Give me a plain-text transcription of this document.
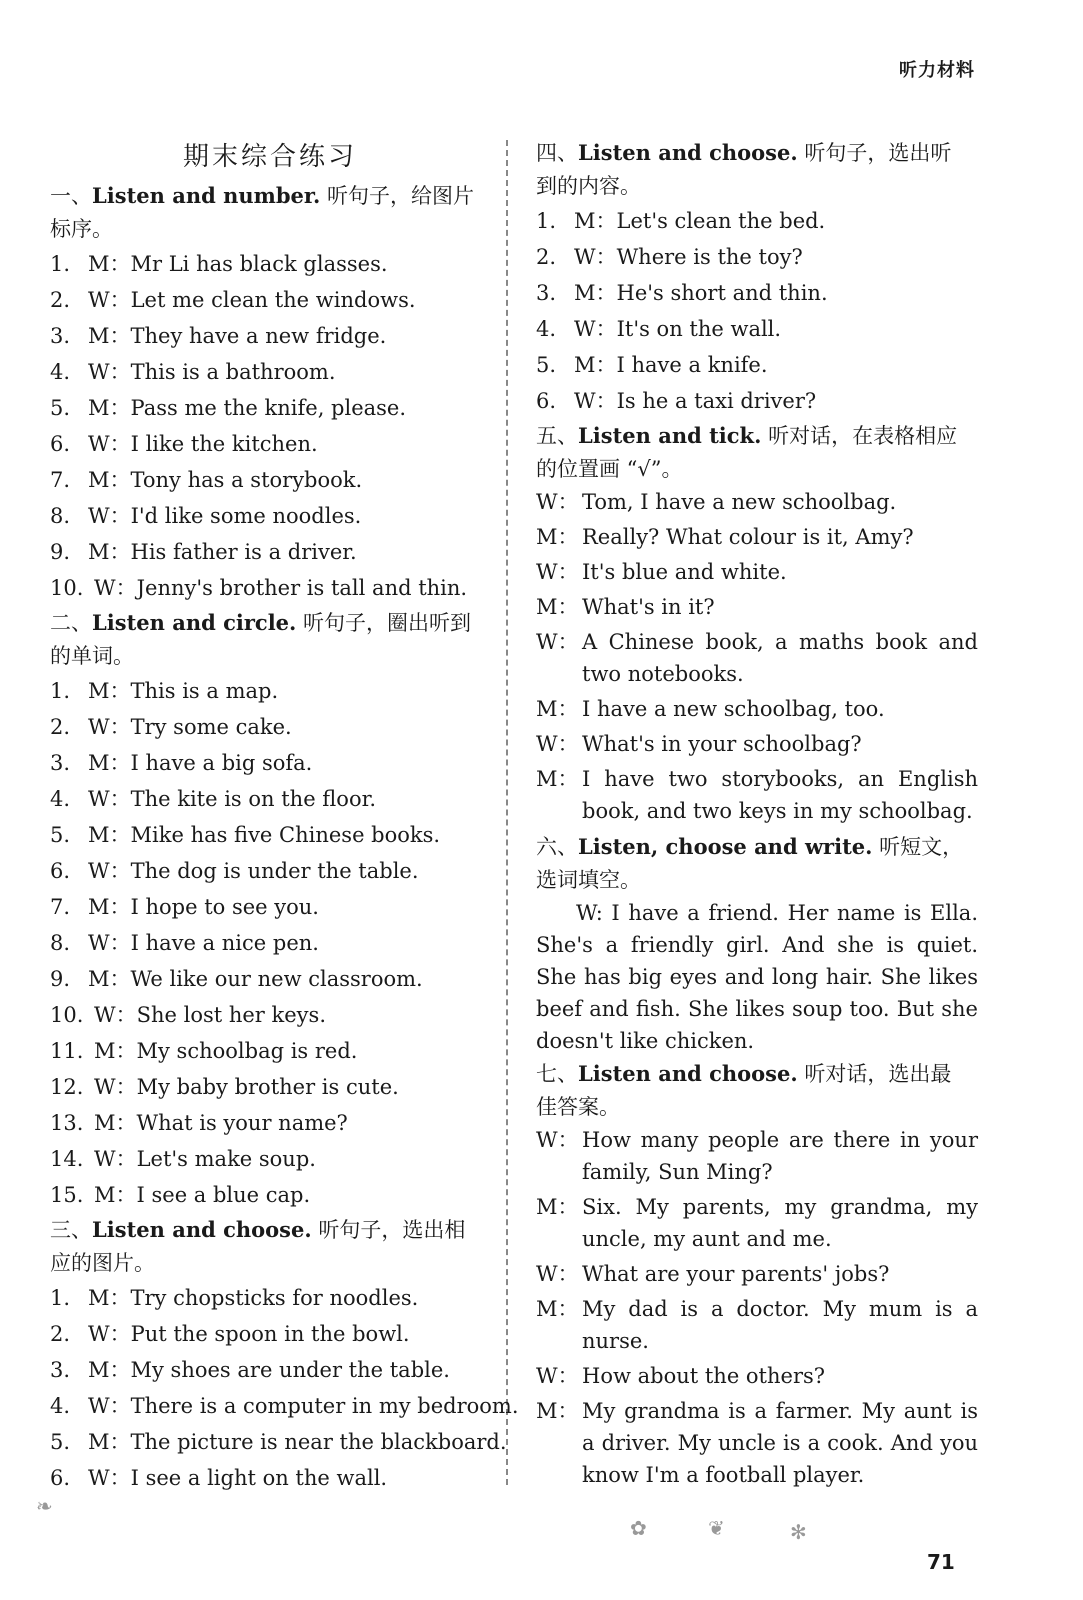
听力材料
期末综合练习

一、Listen and number. 听句子，给图片
标序。

1. M：Mr Li has black glasses.

2. W：Let me clean the windows.

3. M：They have a new fridge.

4. W：This is a bathroom.

5. M：Pass me the knife, please.

6. W：I like the kitchen.

7. M：Tony has a storybook.

8. W：I'd like some noodles.

9. M：His father is a driver.

10. W：Jenny's brother is tall and thin.

二、Listen and circle. 听句子，圈出听到
的单词。

1. M：This is a map.

2. W：Try some cake.

3. M：I have a big sofa.

4. W：The kite is on the floor.

5. M：Mike has five Chinese books.

6. W：The dog is under the table.

7. M：I hope to see you.

8. W：I have a nice pen.

9. M：We like our new classroom.

10. W：She lost her keys.

11. M：My schoolbag is red.

12. W：My baby brother is cute.

13. M：What is your name?

14. W：Let's make soup.

15. M：I see a blue cap.

三、Listen and choose. 听句子，选出相
应的图片。

1. M：Try chopsticks for noodles.

2. W：Put the spoon in the bowl.

3. M：My shoes are under the table.

4. W：There is a computer in my bedroom.

5. M：The picture is near the blackboard.

6. W：I see a light on the wall.

四、Listen and choose. 听句子，选出听
到的内容。

1. M：Let's clean the bed.

2. W：Where is the toy?

3. M：He's short and thin.

4. W：It's on the wall.

5. M：I have a knife.

6. W：Is he a taxi driver?

五、Listen and tick. 听对话，在表格相应
的位置画 “√”。

W： Tom, I have a new schoolbag.
M： Really? What colour is it, Amy?
W： It's blue and white.
M： What's in it?
W： A Chinese book, a maths book and two notebooks.
M： I have a new schoolbag, too.
W： What's in your schoolbag?
M： I have two storybooks, an English book, and two keys in my schoolbag.

六、Listen, choose and write. 听短文，
选词填空。

W: I have a friend. Her name is Ella. She's a friendly girl. And she is quiet. She has big eyes and long hair. She likes beef and fish. She likes soup too. But she doesn't like chicken.

七、Listen and choose. 听对话，选出最
佳答案。

W： How many people are there in your family, Sun Ming?
M： Six. My parents, my grandma, my uncle, my aunt and me.
W： What are your parents' jobs?
M： My dad is a doctor. My mum is a nurse.
W： How about the others?
M： My grandma is a farmer. My aunt is a driver. My uncle is a cook. And you know I'm a football player.
❧
✿	❦	✻
71
